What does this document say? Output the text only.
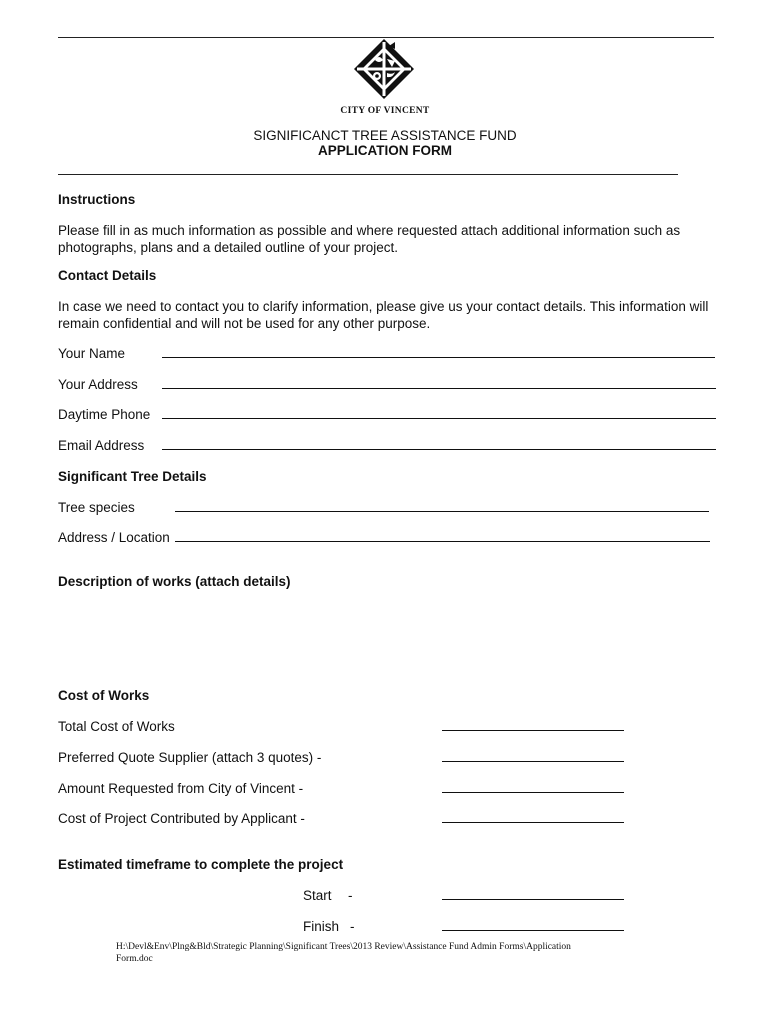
CITY OF VINCENT
SIGNIFICANCT TREE ASSISTANCE FUND
APPLICATION FORM
Instructions
Please fill in as much information as possible and where requested attach additional information such as photographs, plans and a detailed outline of your project.
Contact Details
In case we need to contact you to clarify information, please give us your contact details. This information will remain confidential and will not be used for any other purpose.
Your Name
Your Address
Daytime Phone
Email Address
Significant Tree Details
Tree species
Address / Location
Description of works (attach details)
Cost of Works
Total Cost of Works
Preferred Quote Supplier (attach 3 quotes) -
Amount Requested from City of Vincent -
Cost of Project Contributed by Applicant -
Estimated timeframe to complete the project
Start -
Finish -
H:\Devl&Env\Plng&Bld\Strategic Planning\Significant Trees\2013 Review\Assistance Fund Admin Forms\Application
Form.doc
